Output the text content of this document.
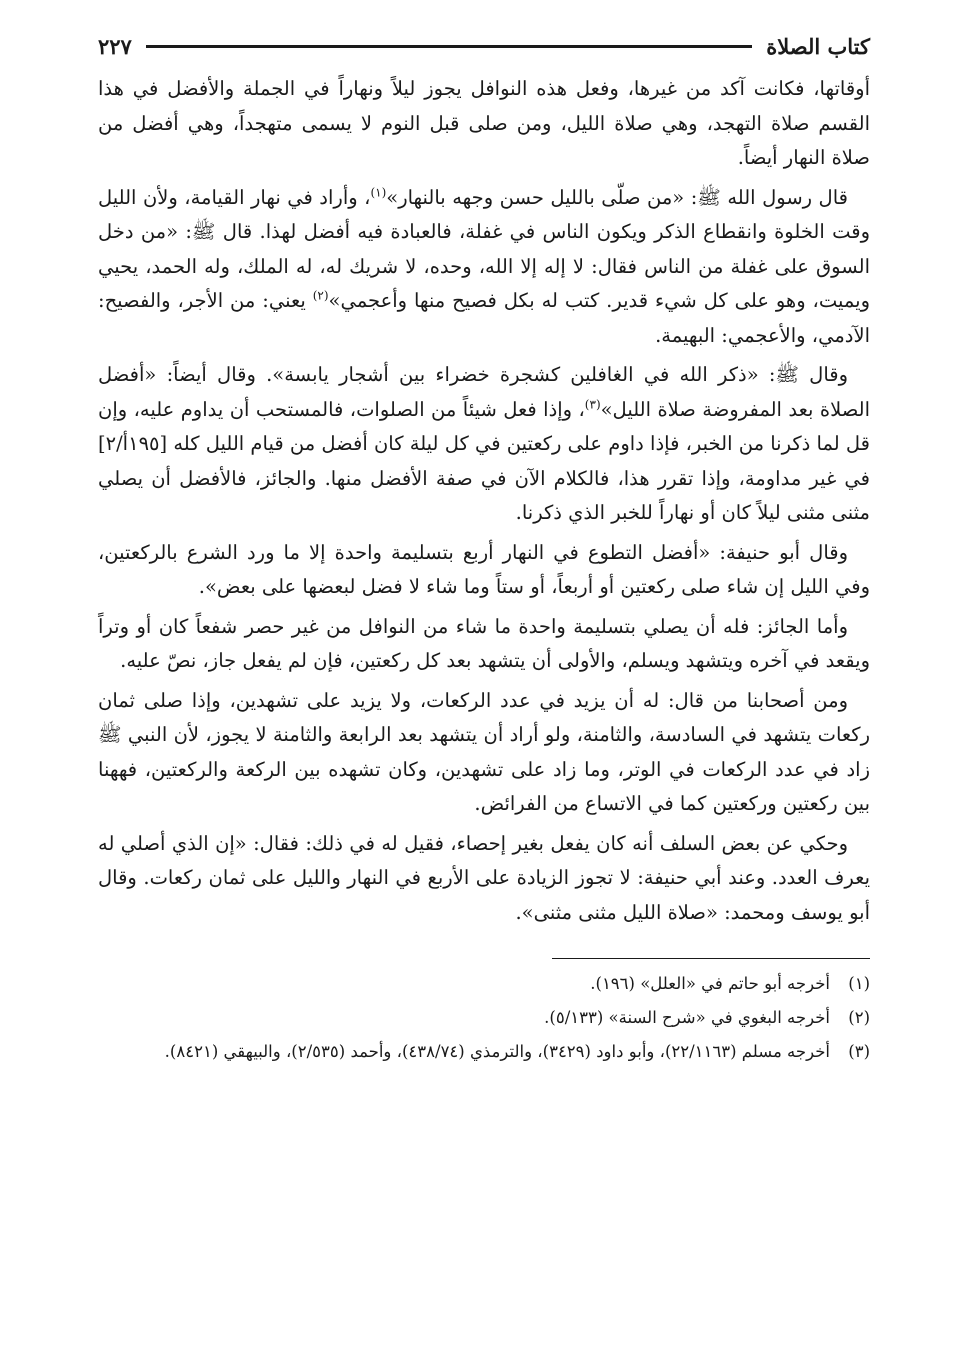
كتاب الصلاة
٢٢٧

أوقاتها، فكانت آكد من غيرها، وفعل هذه النوافل يجوز ليلاً ونهاراً في الجملة والأفضل في هذا القسم صلاة التهجد، وهي صلاة الليل، ومن صلى قبل النوم لا يسمى متهجداً، وهي أفضل من صلاة النهار أيضاً.

قال رسول الله ﷺ: «من صلّى بالليل حسن وجهه بالنهار»$^{(١)}$، وأراد في نهار القيامة، ولأن الليل وقت الخلوة وانقطاع الذكر ويكون الناس في غفلة، فالعبادة فيه أفضل لهذا. قال ﷺ: «من دخل السوق على غفلة من الناس فقال: لا إله إلا الله، وحده، لا شريك له، له الملك، وله الحمد، يحيي ويميت، وهو على كل شيء قدير. كتب له بكل فصيح منها وأعجمي»$^{(٢)}$ يعني: من الأجر، والفصيح: الآدمي، والأعجمي: البهيمة.

وقال ﷺ: «ذكر الله في الغافلين كشجرة خضراء بين أشجار يابسة». وقال أيضاً: «أفضل الصلاة بعد المفروضة صلاة الليل»$^{(٣)}$، وإذا فعل شيئاً من الصلوات، فالمستحب أن يداوم عليه، وإن قل لما ذكرنا من الخبر، فإذا داوم على ركعتين في كل ليلة كان أفضل من قيام الليل كله [١٩٥أ/٢] في غير مداومة، وإذا تقرر هذا، فالكلام الآن في صفة الأفضل منها. والجائز، فالأفضل أن يصلي مثنى مثنى ليلاً كان أو نهاراً للخبر الذي ذكرنا.

وقال أبو حنيفة: «أفضل التطوع في النهار أربع بتسليمة واحدة إلا ما ورد الشرع بالركعتين، وفي الليل إن شاء صلى ركعتين أو أربعاً، أو ستاً وما شاء لا فضل لبعضها على بعض».

وأما الجائز: فله أن يصلي بتسليمة واحدة ما شاء من النوافل من غير حصر شفعاً كان أو وتراً ويقعد في آخره ويتشهد ويسلم، والأولى أن يتشهد بعد كل ركعتين، فإن لم يفعل جاز، نصّ عليه.

ومن أصحابنا من قال: له أن يزيد في عدد الركعات، ولا يزيد على تشهدين، وإذا صلى ثمان ركعات يتشهد في السادسة، والثامنة، ولو أراد أن يتشهد بعد الرابعة والثامنة لا يجوز، لأن النبي ﷺ زاد في عدد الركعات في الوتر، وما زاد على تشهدين، وكان تشهده بين الركعة والركعتين، فههنا بين ركعتين وركعتين كما في الاتساع من الفرائض.

وحكي عن بعض السلف أنه كان يفعل بغير إحصاء، فقيل له في ذلك: فقال: «إن الذي أصلي له يعرف العدد. وعند أبي حنيفة: لا تجوز الزيادة على الأربع في النهار والليل على ثمان ركعات. وقال أبو يوسف ومحمد: «صلاة الليل مثنى مثنى».

(١)
أخرجه أبو حاتم في «العلل» (١٩٦).
(٢)
أخرجه البغوي في «شرح السنة» (٥/١٣٣).
(٣)
أخرجه مسلم (٢٢/١١٦٣)، وأبو داود (٣٤٢٩)، والترمذي (٤٣٨/٧٤)، وأحمد (٢/٥٣٥)، والبيهقي (٨٤٢١).
